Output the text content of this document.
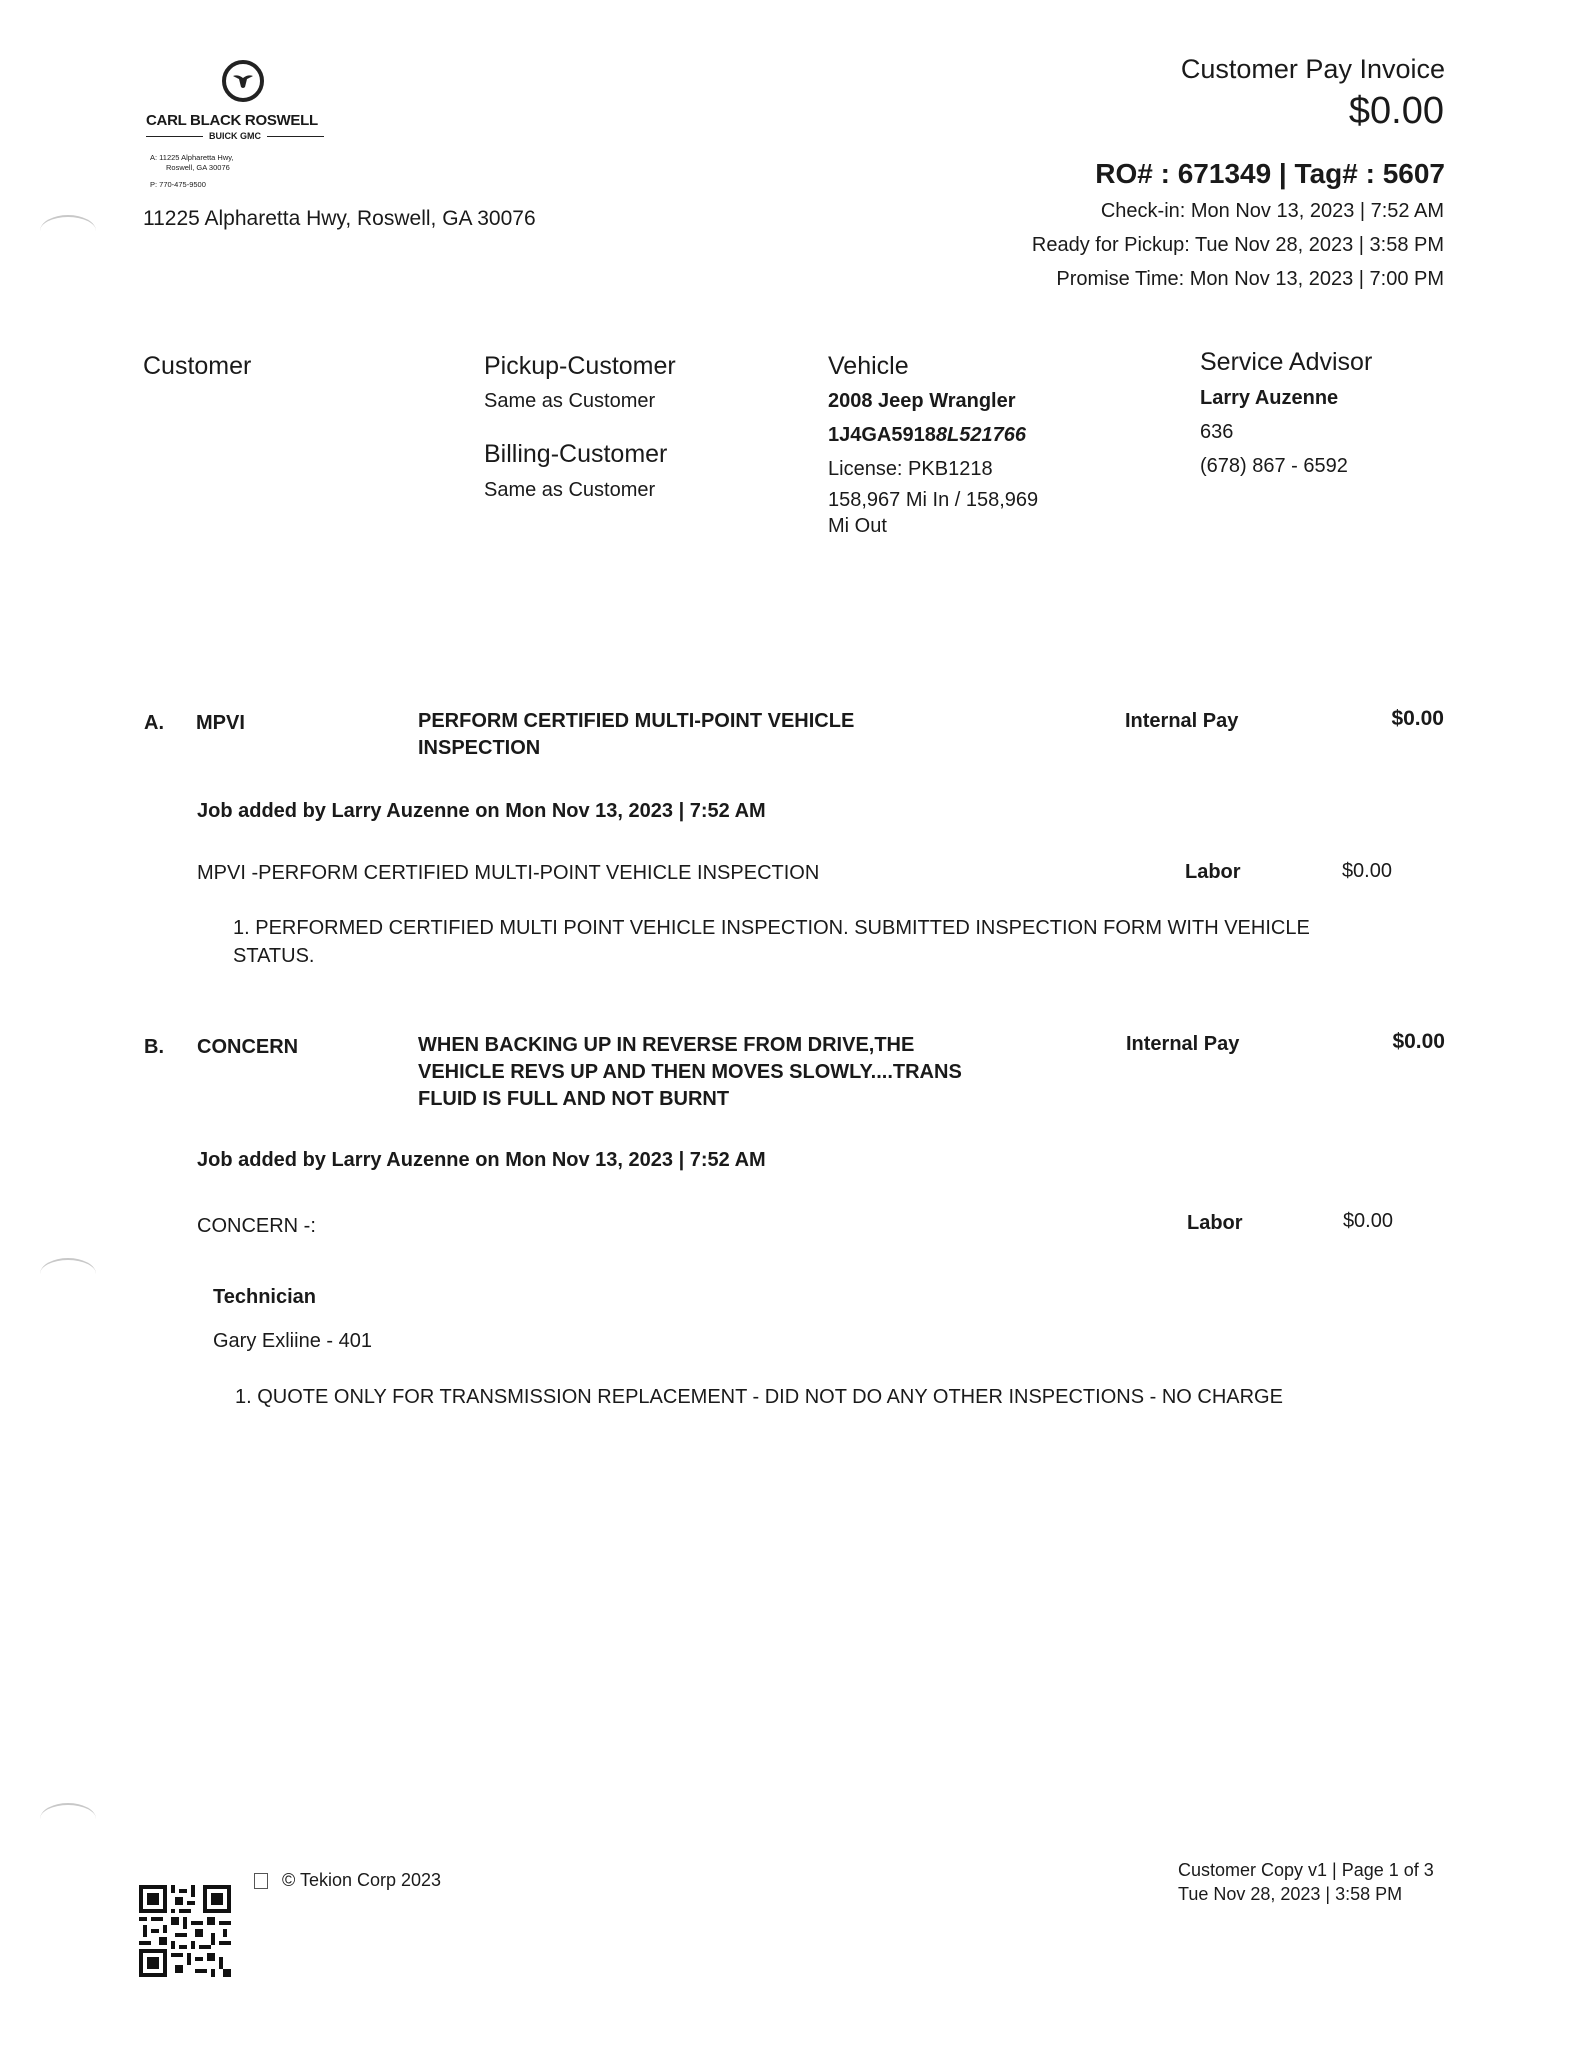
CARL BLACK ROSWELL
BUICK GMC
A: 11225 Alpharetta Hwy,
Roswell, GA 30076
P: 770-475-9500
11225 Alpharetta Hwy, Roswell, GA 30076
Customer Pay Invoice
$0.00
RO# : 671349 | Tag# : 5607
Check-in: Mon Nov 13, 2023 | 7:52 AM
Ready for Pickup: Tue Nov 28, 2023 | 3:58 PM
Promise Time: Mon Nov 13, 2023 | 7:00 PM
Customer	Pickup-Customer
Same as Customer
Billing-Customer
Same as Customer
Vehicle
2008 Jeep Wrangler
1J4GA59188L521766
License: PKB1218
158,967 Mi In / 158,969
Mi Out
Service Advisor
Larry Auzenne
636
(678) 867 - 6592
A. MPVI	PERFORM CERTIFIED MULTI-POINT VEHICLE
INSPECTION
Internal Pay	$0.00
Job added by Larry Auzenne on Mon Nov 13, 2023 | 7:52 AM
MPVI -PERFORM CERTIFIED MULTI-POINT VEHICLE INSPECTION	Labor	$0.00
1. PERFORMED CERTIFIED MULTI POINT VEHICLE INSPECTION. SUBMITTED INSPECTION FORM WITH VEHICLE
STATUS.
B. CONCERN	WHEN BACKING UP IN REVERSE FROM DRIVE,THE
VEHICLE REVS UP AND THEN MOVES SLOWLY....TRANS
FLUID IS FULL AND NOT BURNT
Internal Pay	$0.00
Job added by Larry Auzenne on Mon Nov 13, 2023 | 7:52 AM
CONCERN -:	Labor	$0.00
Technician
Gary Exliine - 401
1. QUOTE ONLY FOR TRANSMISSION REPLACEMENT - DID NOT DO ANY OTHER INSPECTIONS - NO CHARGE
© Tekion Corp 2023	Customer Copy v1 | Page 1 of 3
Tue Nov 28, 2023 | 3:58 PM
